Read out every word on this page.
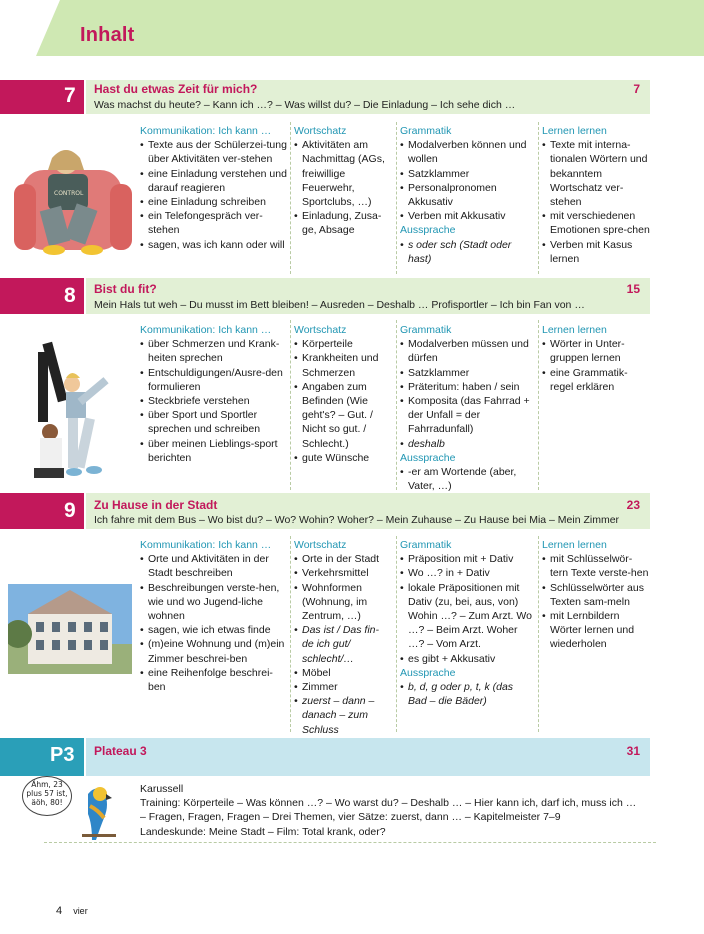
Inhalt
7 Hast du etwas Zeit für mich?	7
Was machst du heute? – Kann ich …? – Was willst du? – Die Einladung – Ich sehe dich …
CONTROL
Kommunikation: Ich kann …
• Texte aus der Schülerzei-tung über Aktivitäten ver-stehen
• eine Einladung verstehen und darauf reagieren
• eine Einladung schreiben
• ein Telefongespräch ver-stehen
• sagen, was ich kann oder will
Wortschatz
• Aktivitäten am Nachmittag (AGs, freiwillige Feuerwehr, Sportclubs, …)
• Einladung, Zusa-ge, Absage
Grammatik
• Modalverben können und wollen
• Satzklammer
• Personalpronomen Akkusativ
• Verben mit Akkusativ
Aussprache
• s oder sch (Stadt oder hast)
Lernen lernen
• Texte mit interna-tionalen Wörtern und bekanntem Wortschatz ver-stehen
• mit verschiedenen Emotionen spre-chen
• Verben mit Kasus lernen
8 Bist du fit?	15
Mein Hals tut weh – Du musst im Bett bleiben! – Ausreden – Deshalb … Profisportler – Ich bin Fan von …
Kommunikation: Ich kann …
• über Schmerzen und Krank-heiten sprechen
• Entschuldigungen/Ausre-den formulieren
• Steckbriefe verstehen
• über Sport und Sportler sprechen und schreiben
• über meinen Lieblings-sport berichten
Wortschatz
• Körperteile
• Krankheiten und Schmerzen
• Angaben zum Befinden (Wie geht's? – Gut. / Nicht so gut. / Schlecht.)
• gute Wünsche
Grammatik
• Modalverben müssen und dürfen
• Satzklammer
• Präteritum: haben / sein
• Komposita (das Fahrrad + der Unfall = der Fahrradunfall)
• deshalb
Aussprache
• -er am Wortende (aber, Vater, …)
Lernen lernen
• Wörter in Unter-gruppen lernen
• eine Grammatik-regel erklären
9 Zu Hause in der Stadt	23
Ich fahre mit dem Bus – Wo bist du? – Wo? Wohin? Woher? – Mein Zuhause – Zu Hause bei Mia – Mein Zimmer
Kommunikation: Ich kann …
• Orte und Aktivitäten in der Stadt beschreiben
• Beschreibungen verste-hen, wie und wo Jugend-liche wohnen
• sagen, wie ich etwas finde
• (m)eine Wohnung und (m)ein Zimmer beschrei-ben
• eine Reihenfolge beschrei-ben
Wortschatz
• Orte in der Stadt
• Verkehrsmittel
• Wohnformen (Wohnung, im Zentrum, …)
• Das ist / Das fin-de ich gut/ schlecht/…
• Möbel
• Zimmer
• zuerst – dann – danach – zum Schluss
Grammatik
• Präposition mit + Dativ
• Wo …? in + Dativ
• lokale Präpositionen mit Dativ (zu, bei, aus, von) Wohin …? – Zum Arzt. Wo …? – Beim Arzt. Woher …? – Vom Arzt.
• es gibt + Akkusativ
Aussprache
• b, d, g oder p, t, k (das Bad – die Bäder)
Lernen lernen
• mit Schlüsselwör-tern Texte verste-hen
• Schlüsselwörter aus Texten sam-meln
• mit Lernbildern Wörter lernen und wiederholen
P3 Plateau 3	31
Ähm, 23 plus 57 ist, äöh, 80!
Karussell
Training: Körperteile – Was können …? – Wo warst du? – Deshalb … – Hier kann ich, darf ich, muss ich … – Fragen, Fragen, Fragen – Drei Themen, vier Sätze: zuerst, dann … – Kapitelmeister 7–9
Landeskunde: Meine Stadt – Film: Total krank, oder?
4 vier
